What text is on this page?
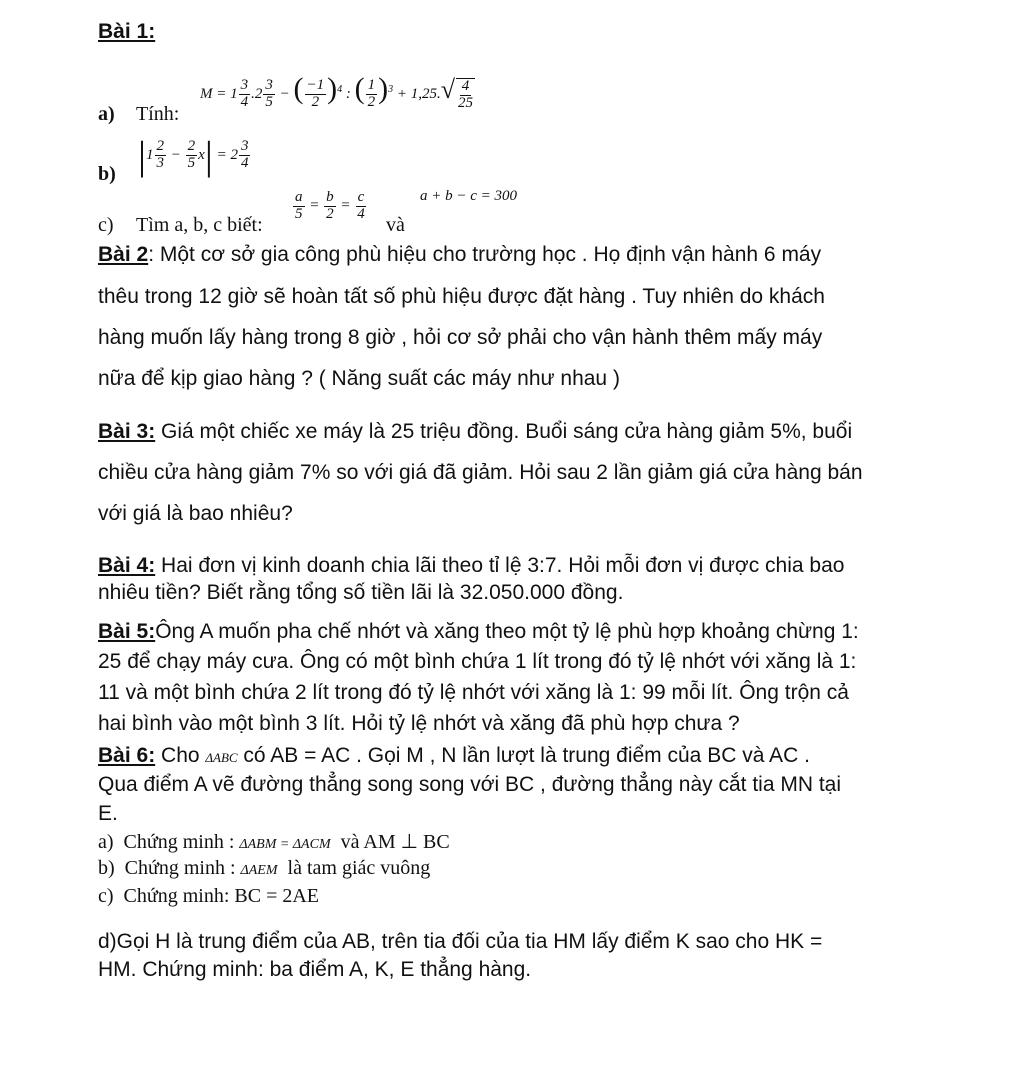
Bài 1:
a) Tính:
$M = 1 \frac{3}{4} .2 \frac{3}{5}$ − ( $\frac{-1}{2} )^4$ : ( $\frac{1}{2} )^3 + 1,25.√ \frac{4}{25}$
b) $|1 \frac{2}{3} - \frac{2}{5} x| = 2 \frac{3}{4}$
c) Tìm a, b, c biết:
$\frac{a}{5} = \frac{b}{2} = \frac{c}{4}$
và
a + b − c = 300
Bài 2: Một cơ sở gia công phù hiệu cho trường học . Họ định vận hành 6 máy
thêu trong 12 giờ sẽ hoàn tất số phù hiệu được đặt hàng . Tuy nhiên do khách
hàng muốn lấy hàng trong 8 giờ , hỏi cơ sở phải cho vận hành thêm mấy máy
nữa để kịp giao hàng ? ( Năng suất các máy như nhau )
Bài 3: Giá một chiếc xe máy là 25 triệu đồng. Buổi sáng cửa hàng giảm 5%, buổi
chiều cửa hàng giảm 7% so với giá đã giảm. Hỏi sau 2 lần giảm giá cửa hàng bán
với giá là bao nhiêu?
Bài 4: Hai đơn vị kinh doanh chia lãi theo tỉ lệ 3:7. Hỏi mỗi đơn vị được chia bao
nhiêu tiền? Biết rằng tổng số tiền lãi là 32.050.000 đồng.
Bài 5:Ông A muốn pha chế nhớt và xăng theo một tỷ lệ phù hợp khoảng chừng 1:
25 để chạy máy cưa. Ông có một bình chứa 1 lít trong đó tỷ lệ nhớt với xăng là 1:
11 và một bình chứa 2 lít trong đó tỷ lệ nhớt với xăng là 1: 99 mỗi lít. Ông trộn cả
hai bình vào một bình 3 lít. Hỏi tỷ lệ nhớt và xăng đã phù hợp chưa ?
Bài 6: Cho ΔABC có AB = AC . Gọi M , N lần lượt là trung điểm của BC và AC .
Qua điểm A vẽ đường thẳng song song với BC , đường thẳng này cắt tia MN tại
E.
a) Chứng minh : ΔABM = ΔACM và AM ⊥ BC
b) Chứng minh : ΔAEM là tam giác vuông
c) Chứng minh: BC = 2AE
d)Gọi H là trung điểm của AB, trên tia đối của tia HM lấy điểm K sao cho HK =
HM. Chứng minh: ba điểm A, K, E thẳng hàng.
